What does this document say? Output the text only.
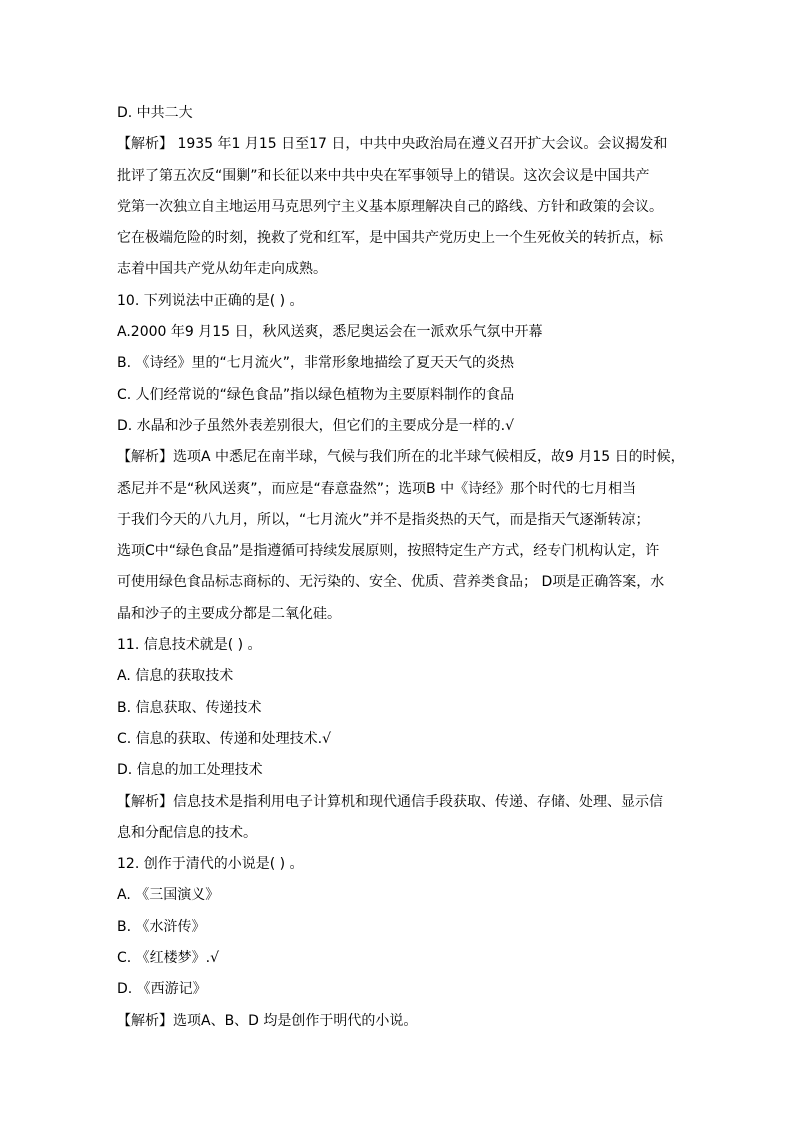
D. 中共二大
【解析】 1935 年1 月15 日至17 日，中共中央政治局在遵义召开扩大会议。会议揭发和
批评了第五次反“围剿”和长征以来中共中央在军事领导上的错误。这次会议是中国共产
党第一次独立自主地运用马克思列宁主义基本原理解决自己的路线、方针和政策的会议。
它在极端危险的时刻，挽救了党和红军，是中国共产党历史上一个生死攸关的转折点，标
志着中国共产党从幼年走向成熟。
10. 下列说法中正确的是( ) 。
A.2000 年9 月15 日，秋风送爽，悉尼奥运会在一派欢乐气氛中开幕
B. 《诗经》里的“七月流火”，非常形象地描绘了夏天天气的炎热
C. 人们经常说的“绿色食品”指以绿色植物为主要原料制作的食品
D. 水晶和沙子虽然外表差别很大，但它们的主要成分是一样的.√
【解析】选项A 中悉尼在南半球，气候与我们所在的北半球气候相反，故9 月15 日的时候，
悉尼并不是“秋风送爽”，而应是“春意盎然”；选项B 中《诗经》那个时代的七月相当
于我们今天的八九月，所以，“七月流火”并不是指炎热的天气，而是指天气逐渐转凉；
选项C中“绿色食品”是指遵循可持续发展原则，按照特定生产方式，经专门机构认定，许
可使用绿色食品标志商标的、无污染的、安全、优质、营养类食品； D项是正确答案，水
晶和沙子的主要成分都是二氧化硅。
11. 信息技术就是( ) 。
A. 信息的获取技术
B. 信息获取、传递技术
C. 信息的获取、传递和处理技术.√
D. 信息的加工处理技术
【解析】信息技术是指利用电子计算机和现代通信手段获取、传递、存储、处理、显示信
息和分配信息的技术。
12. 创作于清代的小说是( ) 。
A. 《三国演义》
B. 《水浒传》
C. 《红楼梦》.√
D. 《西游记》
【解析】选项A、B、D 均是创作于明代的小说。
